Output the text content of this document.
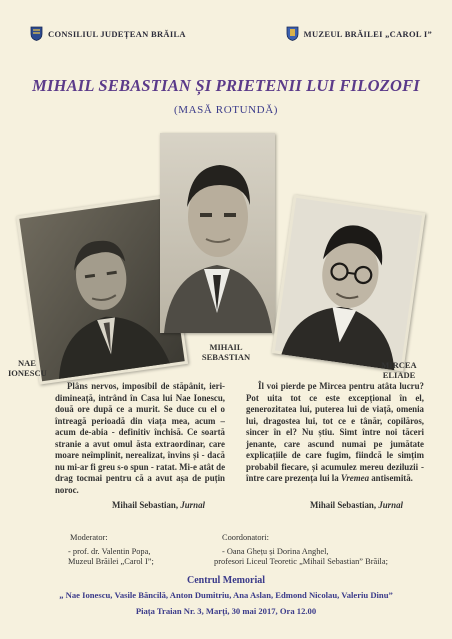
CONSILIUL JUDEȚEAN BRĂILA	MUZEUL BRĂILEI „CAROL I”
MIHAIL SEBASTIAN ȘI PRIETENII LUI FILOZOFI
(MASĂ ROTUNDĂ)
NAE
IONESCU
MIHAIL
SEBASTIAN
MIRCEA
ELIADE

Plâns nervos, imposibil de stăpânit, ieri-dimineață, intrând în Casa lui Nae Ionescu, două ore după ce a murit. Se duce cu el o întreagă perioadă din viața mea, acum – acum de-abia - definitiv închisă. Ce soartă stranie a avut omul ăsta extraordinar, care moare neîmplinit, nerealizat, învins și - dacă nu mi-ar fi greu s-o spun - ratat. Mi-e atât de drag tocmai pentru că a avut așa de puțin noroc.

Mihail Sebastian, Jurnal

Îl voi pierde pe Mircea pentru atâta lucru? Pot uita tot ce este excepțional în el, generozitatea lui, puterea lui de viață, omenia lui, dragostea lui, tot ce e tânăr, copilăros, sincer în el? Nu știu. Simt între noi tăceri jenante, care ascund numai pe jumătate explicațiile de care fugim, fiindcă le simțim probabil fiecare, și acumulez mereu deziluzii - între care prezența lui la Vremea antisemită.

Mihail Sebastian, Jurnal
Moderator:
- prof. dr. Valentin Popa,
Muzeul Brăilei „Carol I”;
Coordonatori:
- Oana Ghețu și Dorina Anghel,
profesori Liceul Teoretic „Mihail Sebastian” Brăila;
Centrul Memorial
„ Nae Ionescu, Vasile Băncilă, Anton Dumitriu, Ana Aslan, Edmond Nicolau, Valeriu Dinu”
Piața Traian Nr. 3, Marți, 30 mai 2017, Ora 12.00
